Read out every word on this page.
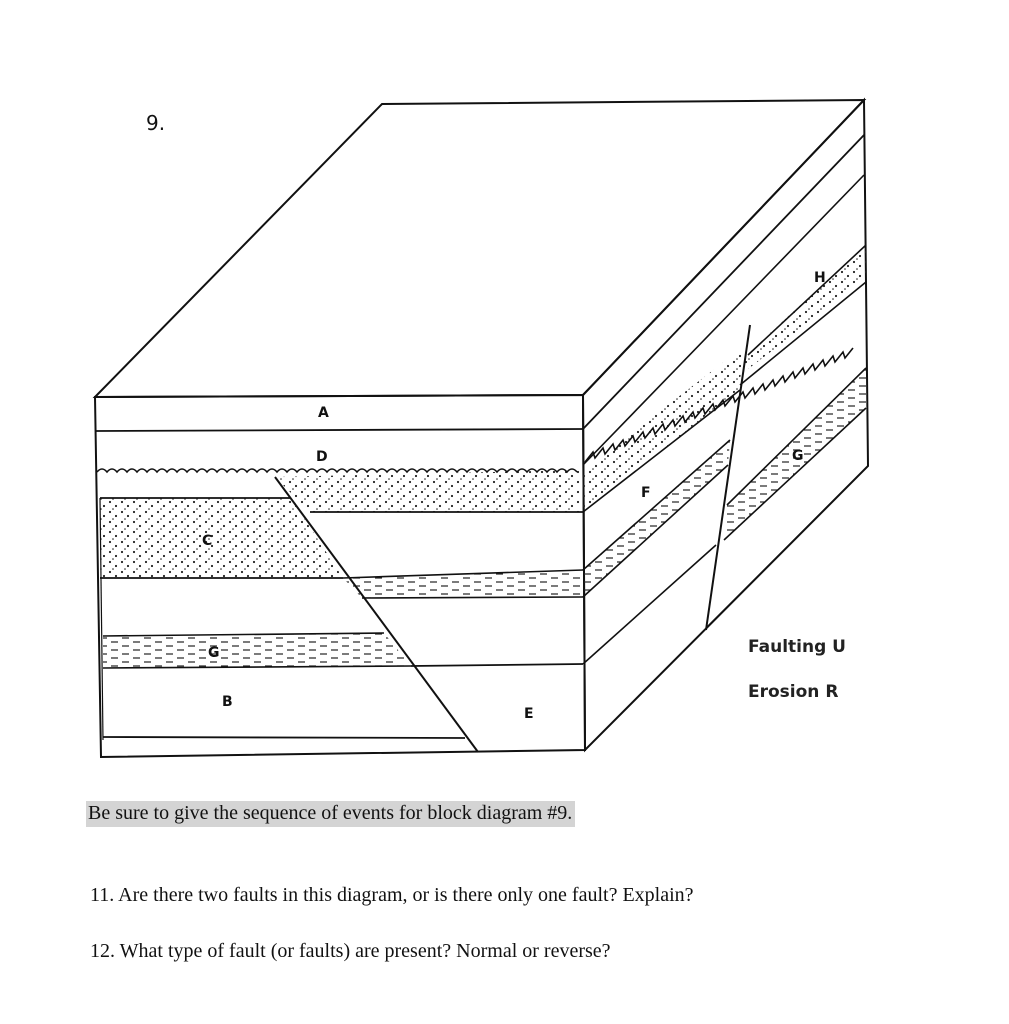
9.
A
D
C
G
B
E
F
G
H
Faulting U
Erosion R
Be sure to give the sequence of events for block diagram #9.
11. Are there two faults in this diagram, or is there only one fault? Explain?
12. What type of fault (or faults) are present? Normal or reverse?
